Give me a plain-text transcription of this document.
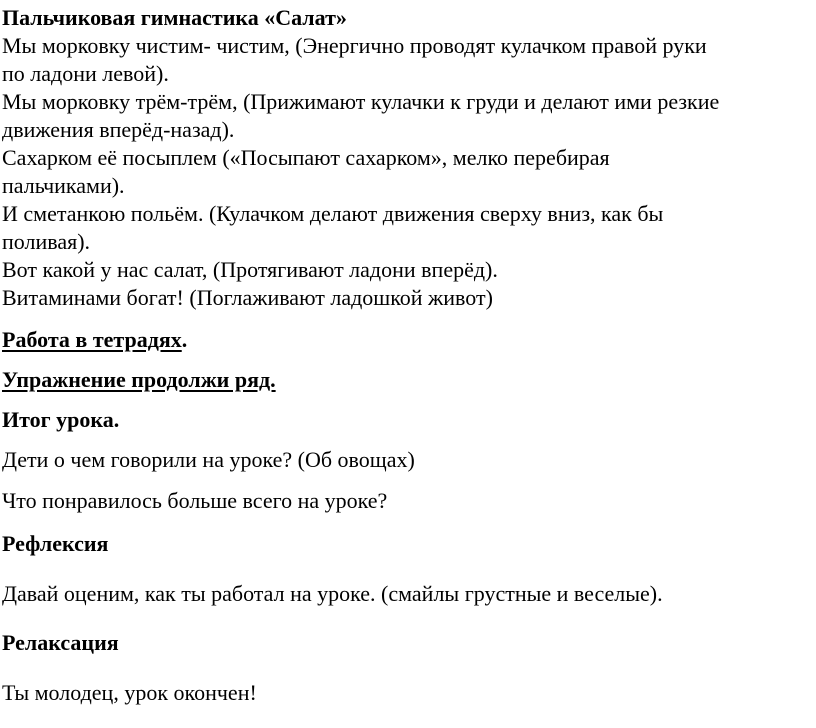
Пальчиковая гимнастика «Салат»
Мы морковку чистим- чистим, (Энергично проводят кулачком правой руки
по ладони левой).
Мы морковку трём-трём, (Прижимают кулачки к груди и делают ими резкие
движения вперёд-назад).
Сахарком её посыплем («Посыпают сахарком», мелко перебирая
пальчиками).
И сметанкою польём. (Кулачком делают движения сверху вниз, как бы
поливая).
Вот какой у нас салат, (Протягивают ладони вперёд).
Витаминами богат! (Поглаживают ладошкой живот)
Работа в тетрадях.
Упражнение продолжи ряд.
Итог урока.
Дети о чем говорили на уроке? (Об овощах)
Что понравилось больше всего на уроке?
Рефлексия
Давай оценим, как ты работал на уроке. (смайлы грустные и веселые).
Релаксация
Ты молодец, урок окончен!
